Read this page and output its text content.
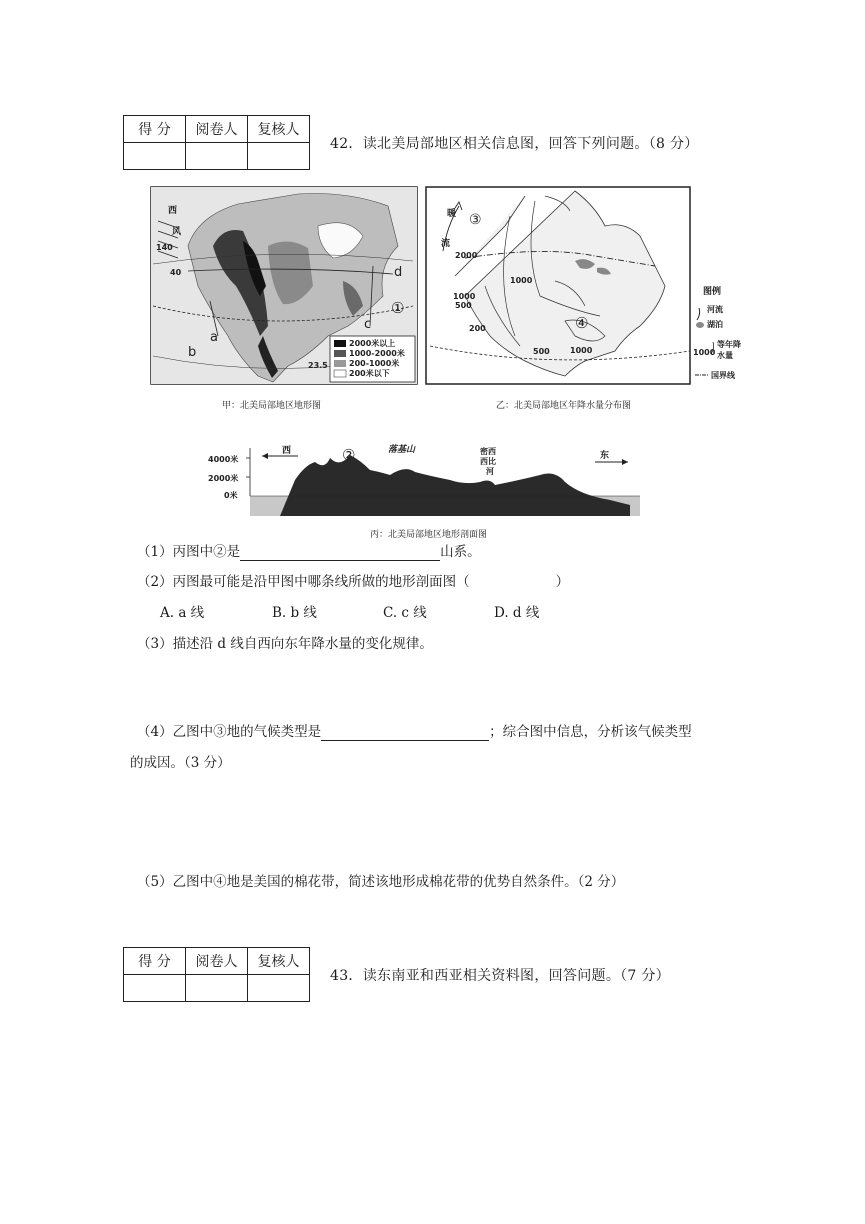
得 分	阅卷人	复核人

42．读北美局部地区相关信息图，回答下列问题。（8 分）
西
风
140
40
a
b
c
d
①
23.5
2000米以上
1000-2000米
200-1000米
200米以下
甲：北美局部地区地形图
暖
流
③
④
2000
1000
1000
500
200
500	1000
图例
河流
湖泊
1000
等年降
水量
国界线
乙：北美局部地区年降水量分布图
4000米
2000米
0米
西	东
②	落基山	密西
西比
河
丙：北美局部地区地形剖面图
（1）丙图中②是	山系。
（2）丙图最可能是沿甲图中哪条线所做的地形剖面图（	）
A. a 线	B. b 线	C. c 线	D. d 线
（3）描述沿 d 线自西向东年降水量的变化规律。
（4）乙图中③地的气候类型是	；综合图中信息，分析该气候类型
的成因。（3 分）
（5）乙图中④地是美国的棉花带，简述该地形成棉花带的优势自然条件。（2 分）
得 分	阅卷人	复核人

43．读东南亚和西亚相关资料图，回答问题。（7 分）
